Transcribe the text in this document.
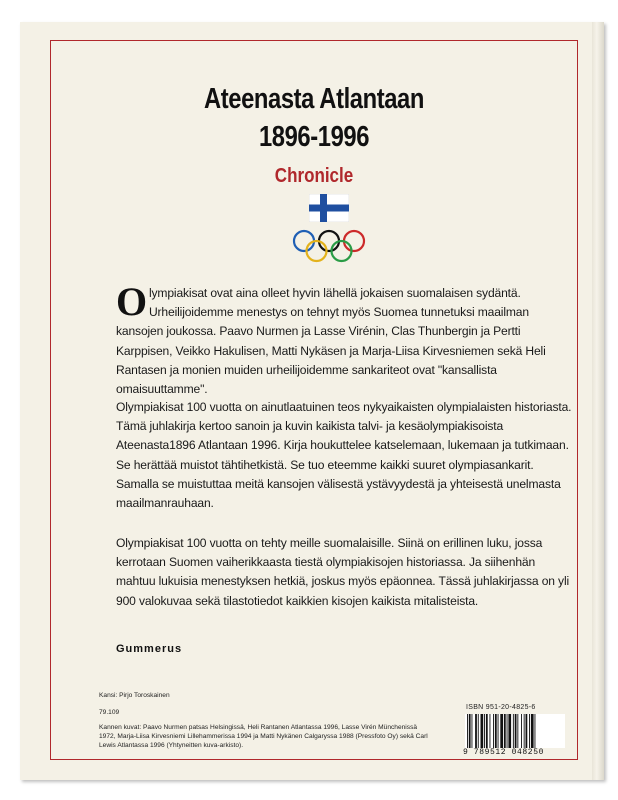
Ateenasta Atlantaan
1896-1996
Chronicle
Olympiakisat ovat aina olleet hyvin lähellä jokaisen suomalaisen sydäntä. Urheilijoidemme menestys on tehnyt myös Suomea tunnetuksi maailman kansojen joukossa. Paavo Nurmen ja Lasse Virénin, Clas Thunbergin ja Pertti Karppisen, Veikko Hakulisen, Matti Nykäsen ja Marja-Liisa Kirvesniemen sekä Heli Rantasen ja monien muiden urheilijoidemme sankariteot ovat "kansallista omaisuuttamme".
Olympiakisat 100 vuotta on ainutlaatuinen teos nykyaikaisten olympialaisten historiasta. Tämä juhlakirja kertoo sanoin ja kuvin kaikista talvi- ja kesäolympiakisoista Ateenasta1896 Atlantaan 1996. Kirja houkuttelee katselemaan, lukemaan ja tutkimaan. Se herättää muistot tähtihetkistä. Se tuo eteemme kaikki suuret olympiasankarit. Samalla se muistuttaa meitä kansojen välisestä ystävyydestä ja yhteisestä unelmasta maailmanrauhaan.
Olympiakisat 100 vuotta on tehty meille suomalaisille. Siinä on erillinen luku, jossa kerrotaan Suomen vaiherikkaasta tiestä olympiakisojen historiassa. Ja siihenhän mahtuu lukuisia menestyksen hetkiä, joskus myös epäonnea. Tässä juhlakirjassa on yli 900 valokuvaa sekä tilastotiedot kaikkien kisojen kaikista mitalisteista.
Gummerus
Kansi: Pirjo Toroskainen
79.109
Kannen kuvat: Paavo Nurmen patsas Helsingissä, Heli Rantanen Atlantassa 1996, Lasse Virén Münchenissä 1972, Marja-Liisa Kirvesniemi Lillehammerissa 1994 ja Matti Nykänen Calgaryssa 1988 (Pressfoto Oy) sekä Carl Lewis Atlantassa 1996 (Yhtyneitten kuva-arkisto).
ISBN 951-20-4825-6
9 789512 048250
